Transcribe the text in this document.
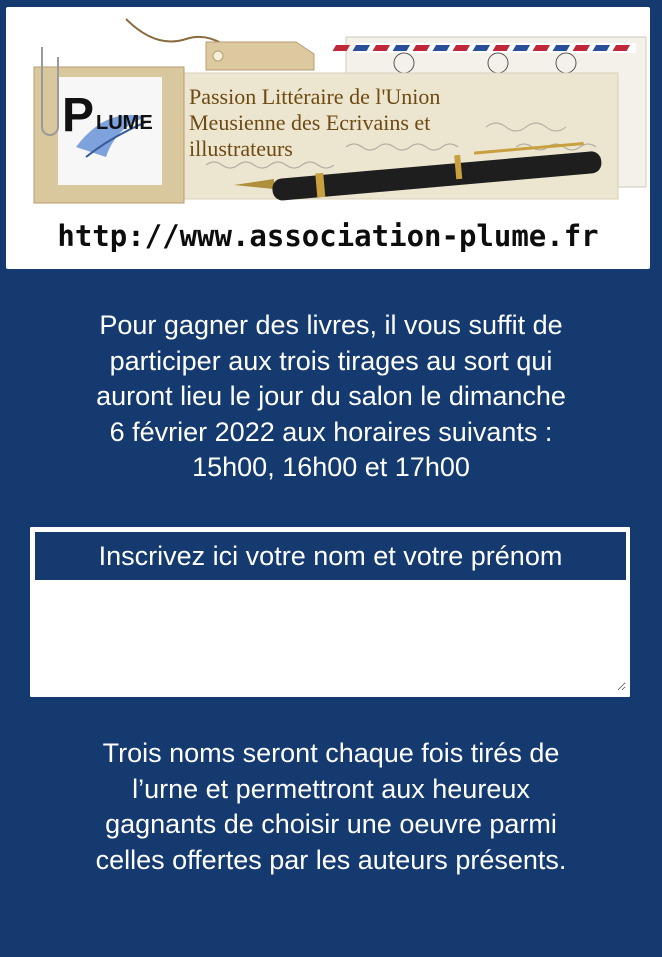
P LUME
Passion Littéraire de l'Union
Meusienne des Ecrivains et
illustrateurs
http://www.association-plume.fr
Pour gagner des livres, il vous suffit de
participer aux trois tirages au sort qui
auront lieu le jour du salon le dimanche
6 février 2022 aux horaires suivants :
15h00, 16h00 et 17h00
Inscrivez ici votre nom et votre prénom
Trois noms seront chaque fois tirés de
l’urne et permettront aux heureux
gagnants de choisir une oeuvre parmi
celles offertes par les auteurs présents.
